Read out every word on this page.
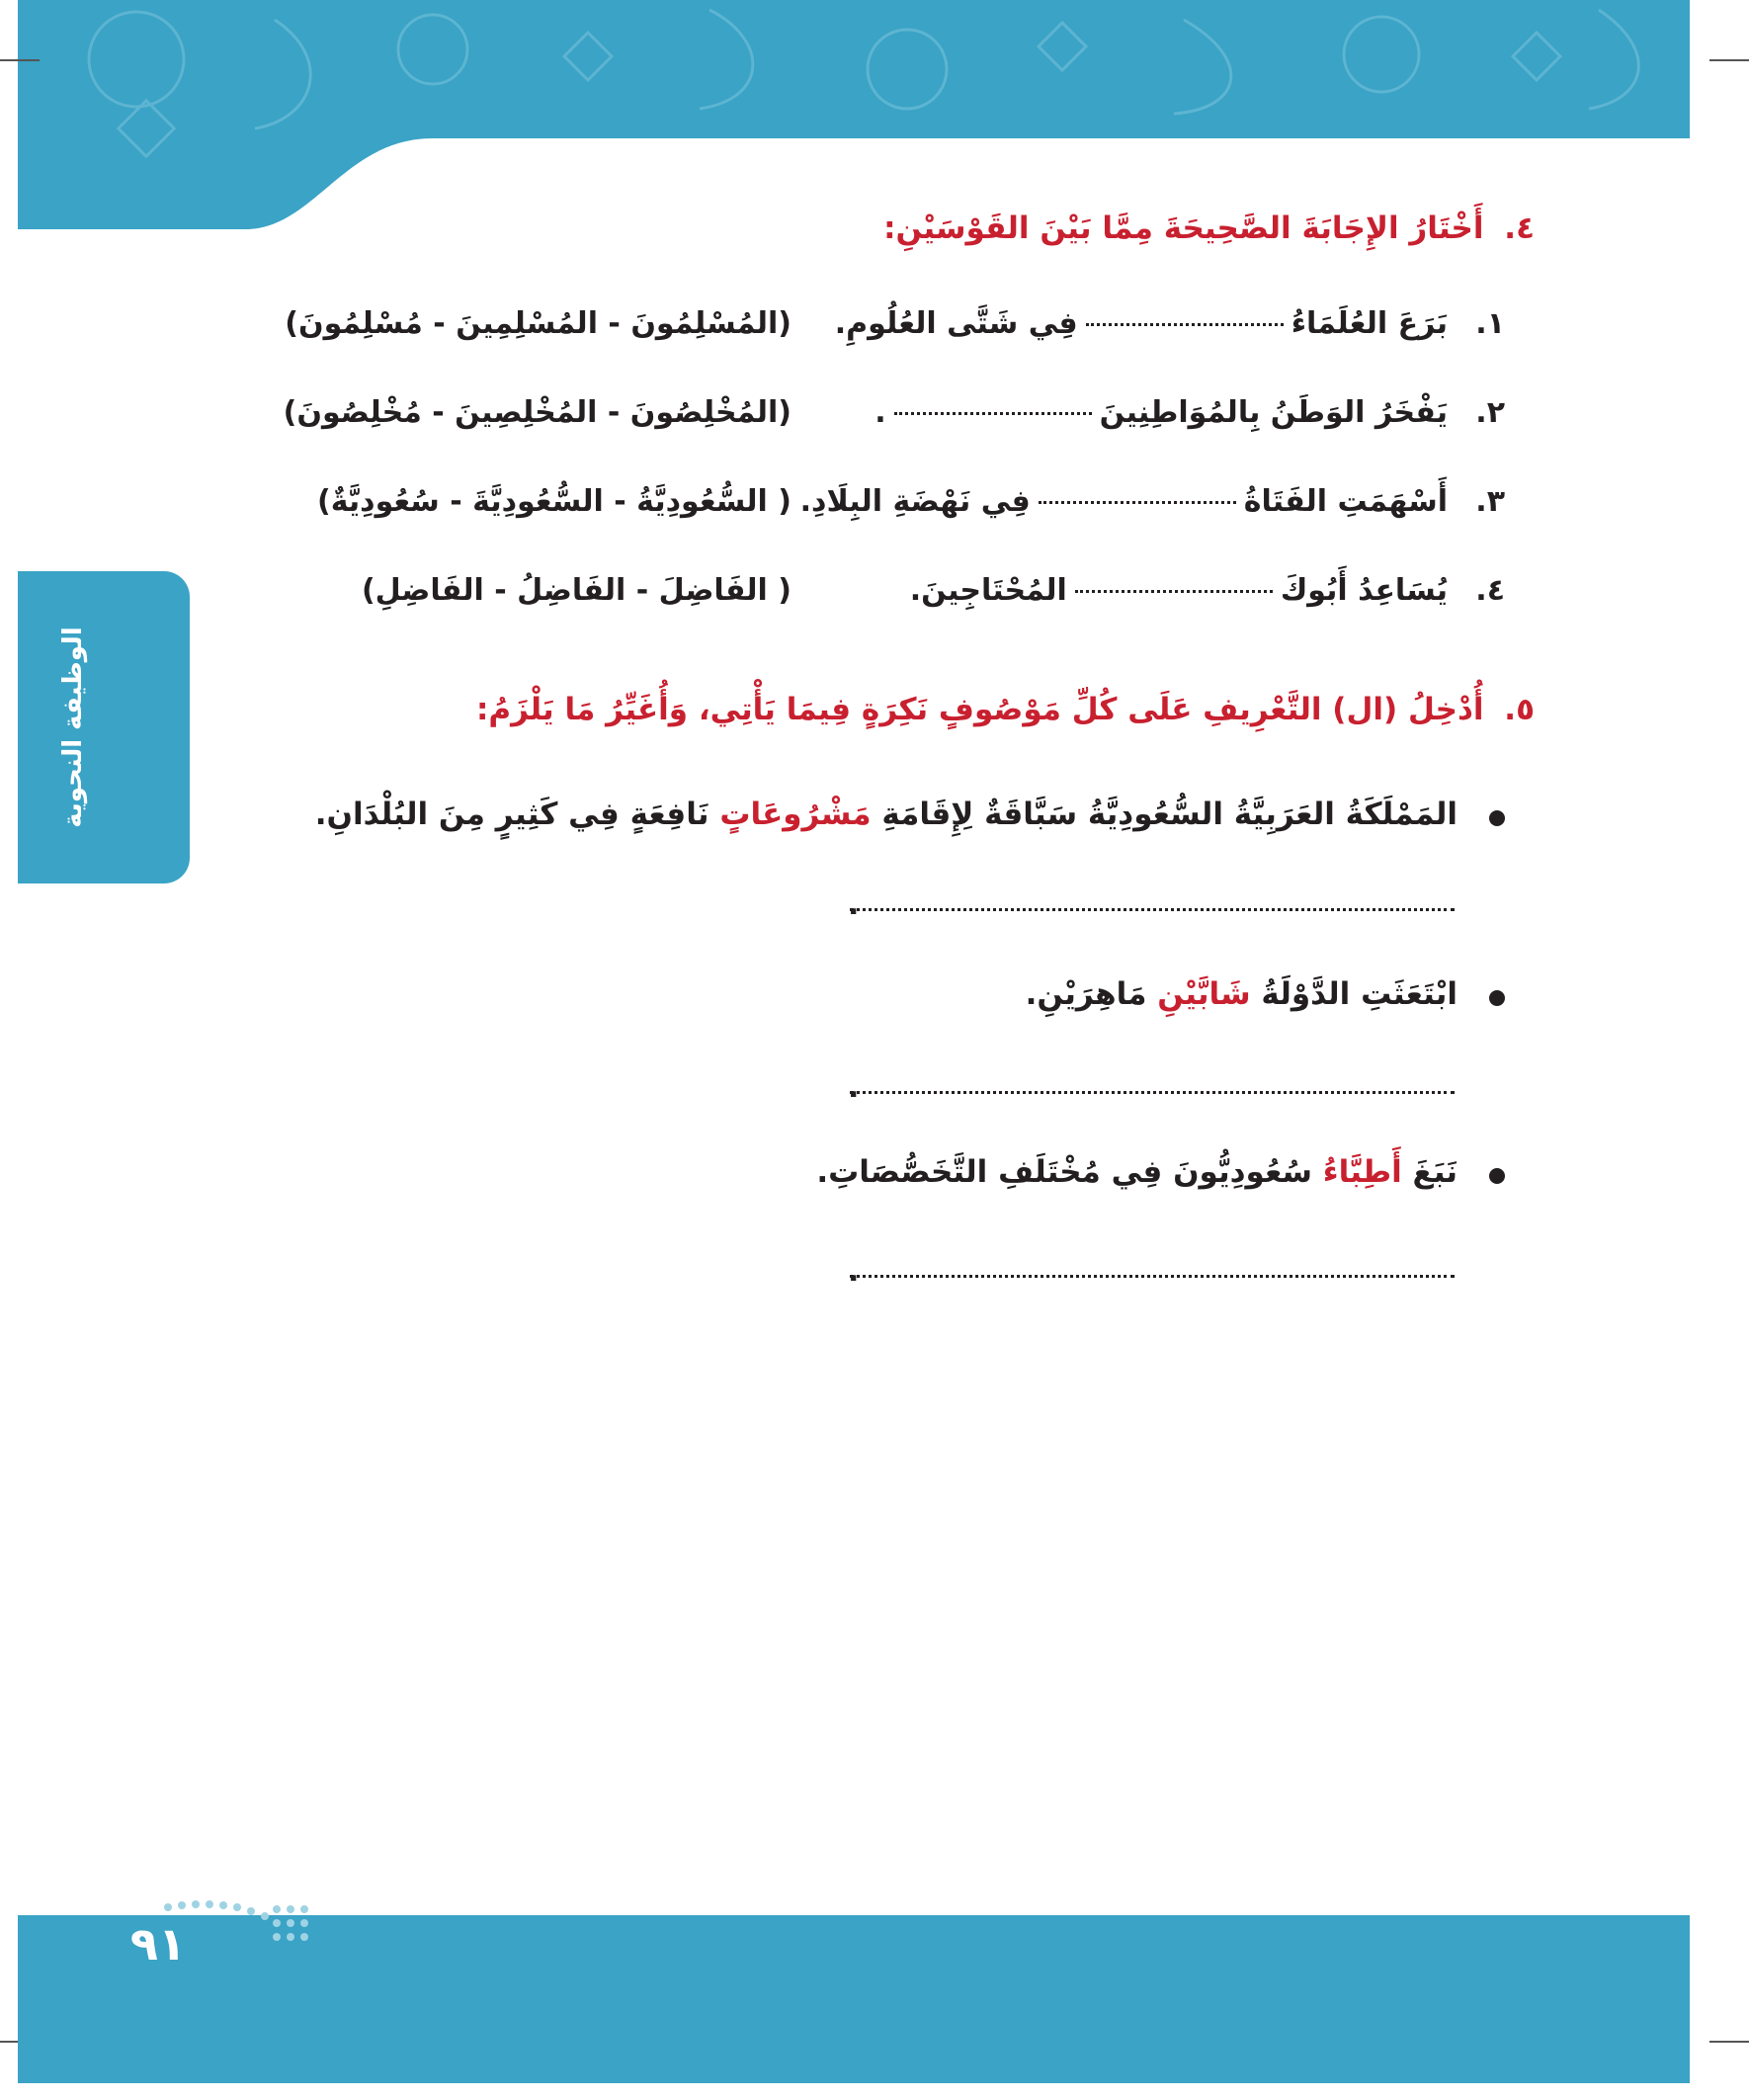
الوظيفة النحوية
٤. أَخْتَارُ الإِجَابَةَ الصَّحِيحَةَ مِمَّا بَيْنَ القَوْسَيْنِ:
١.
بَرَعَ العُلَمَاءُفِي شَتَّى العُلُومِ.
(المُسْلِمُونَ - المُسْلِمِينَ - مُسْلِمُونَ)
٢.
يَفْخَرُ الوَطَنُ بِالمُوَاطِنِينَ.
(المُخْلِصُونَ - المُخْلِصِينَ - مُخْلِصُونَ)
٣.
أَسْهَمَتِ الفَتَاةُفِي نَهْضَةِ البِلَادِ.
( السُّعُودِيَّةُ - السُّعُودِيَّةَ - سُعُودِيَّةٌ)
٤.
يُسَاعِدُ أَبُوكَالمُحْتَاجِينَ.
( الفَاضِلَ - الفَاضِلُ - الفَاضِلِ)
٥. أُدْخِلُ (ال) التَّعْرِيفِ عَلَى كُلِّ مَوْصُوفٍ نَكِرَةٍ فِيمَا يَأْتِي، وَأُغَيِّرُ مَا يَلْزَمُ:
المَمْلَكَةُ العَرَبِيَّةُ السُّعُودِيَّةُ سَبَّاقَةٌ لِإِقَامَةِ مَشْرُوعَاتٍ نَافِعَةٍ فِي كَثِيرٍ مِنَ البُلْدَانِ.
.
ابْتَعَثَتِ الدَّوْلَةُ شَابَّيْنِ مَاهِرَيْنِ.
.
نَبَغَ أَطِبَّاءُ سُعُودِيُّونَ فِي مُخْتَلَفِ التَّخَصُّصَاتِ.
.
٩١
